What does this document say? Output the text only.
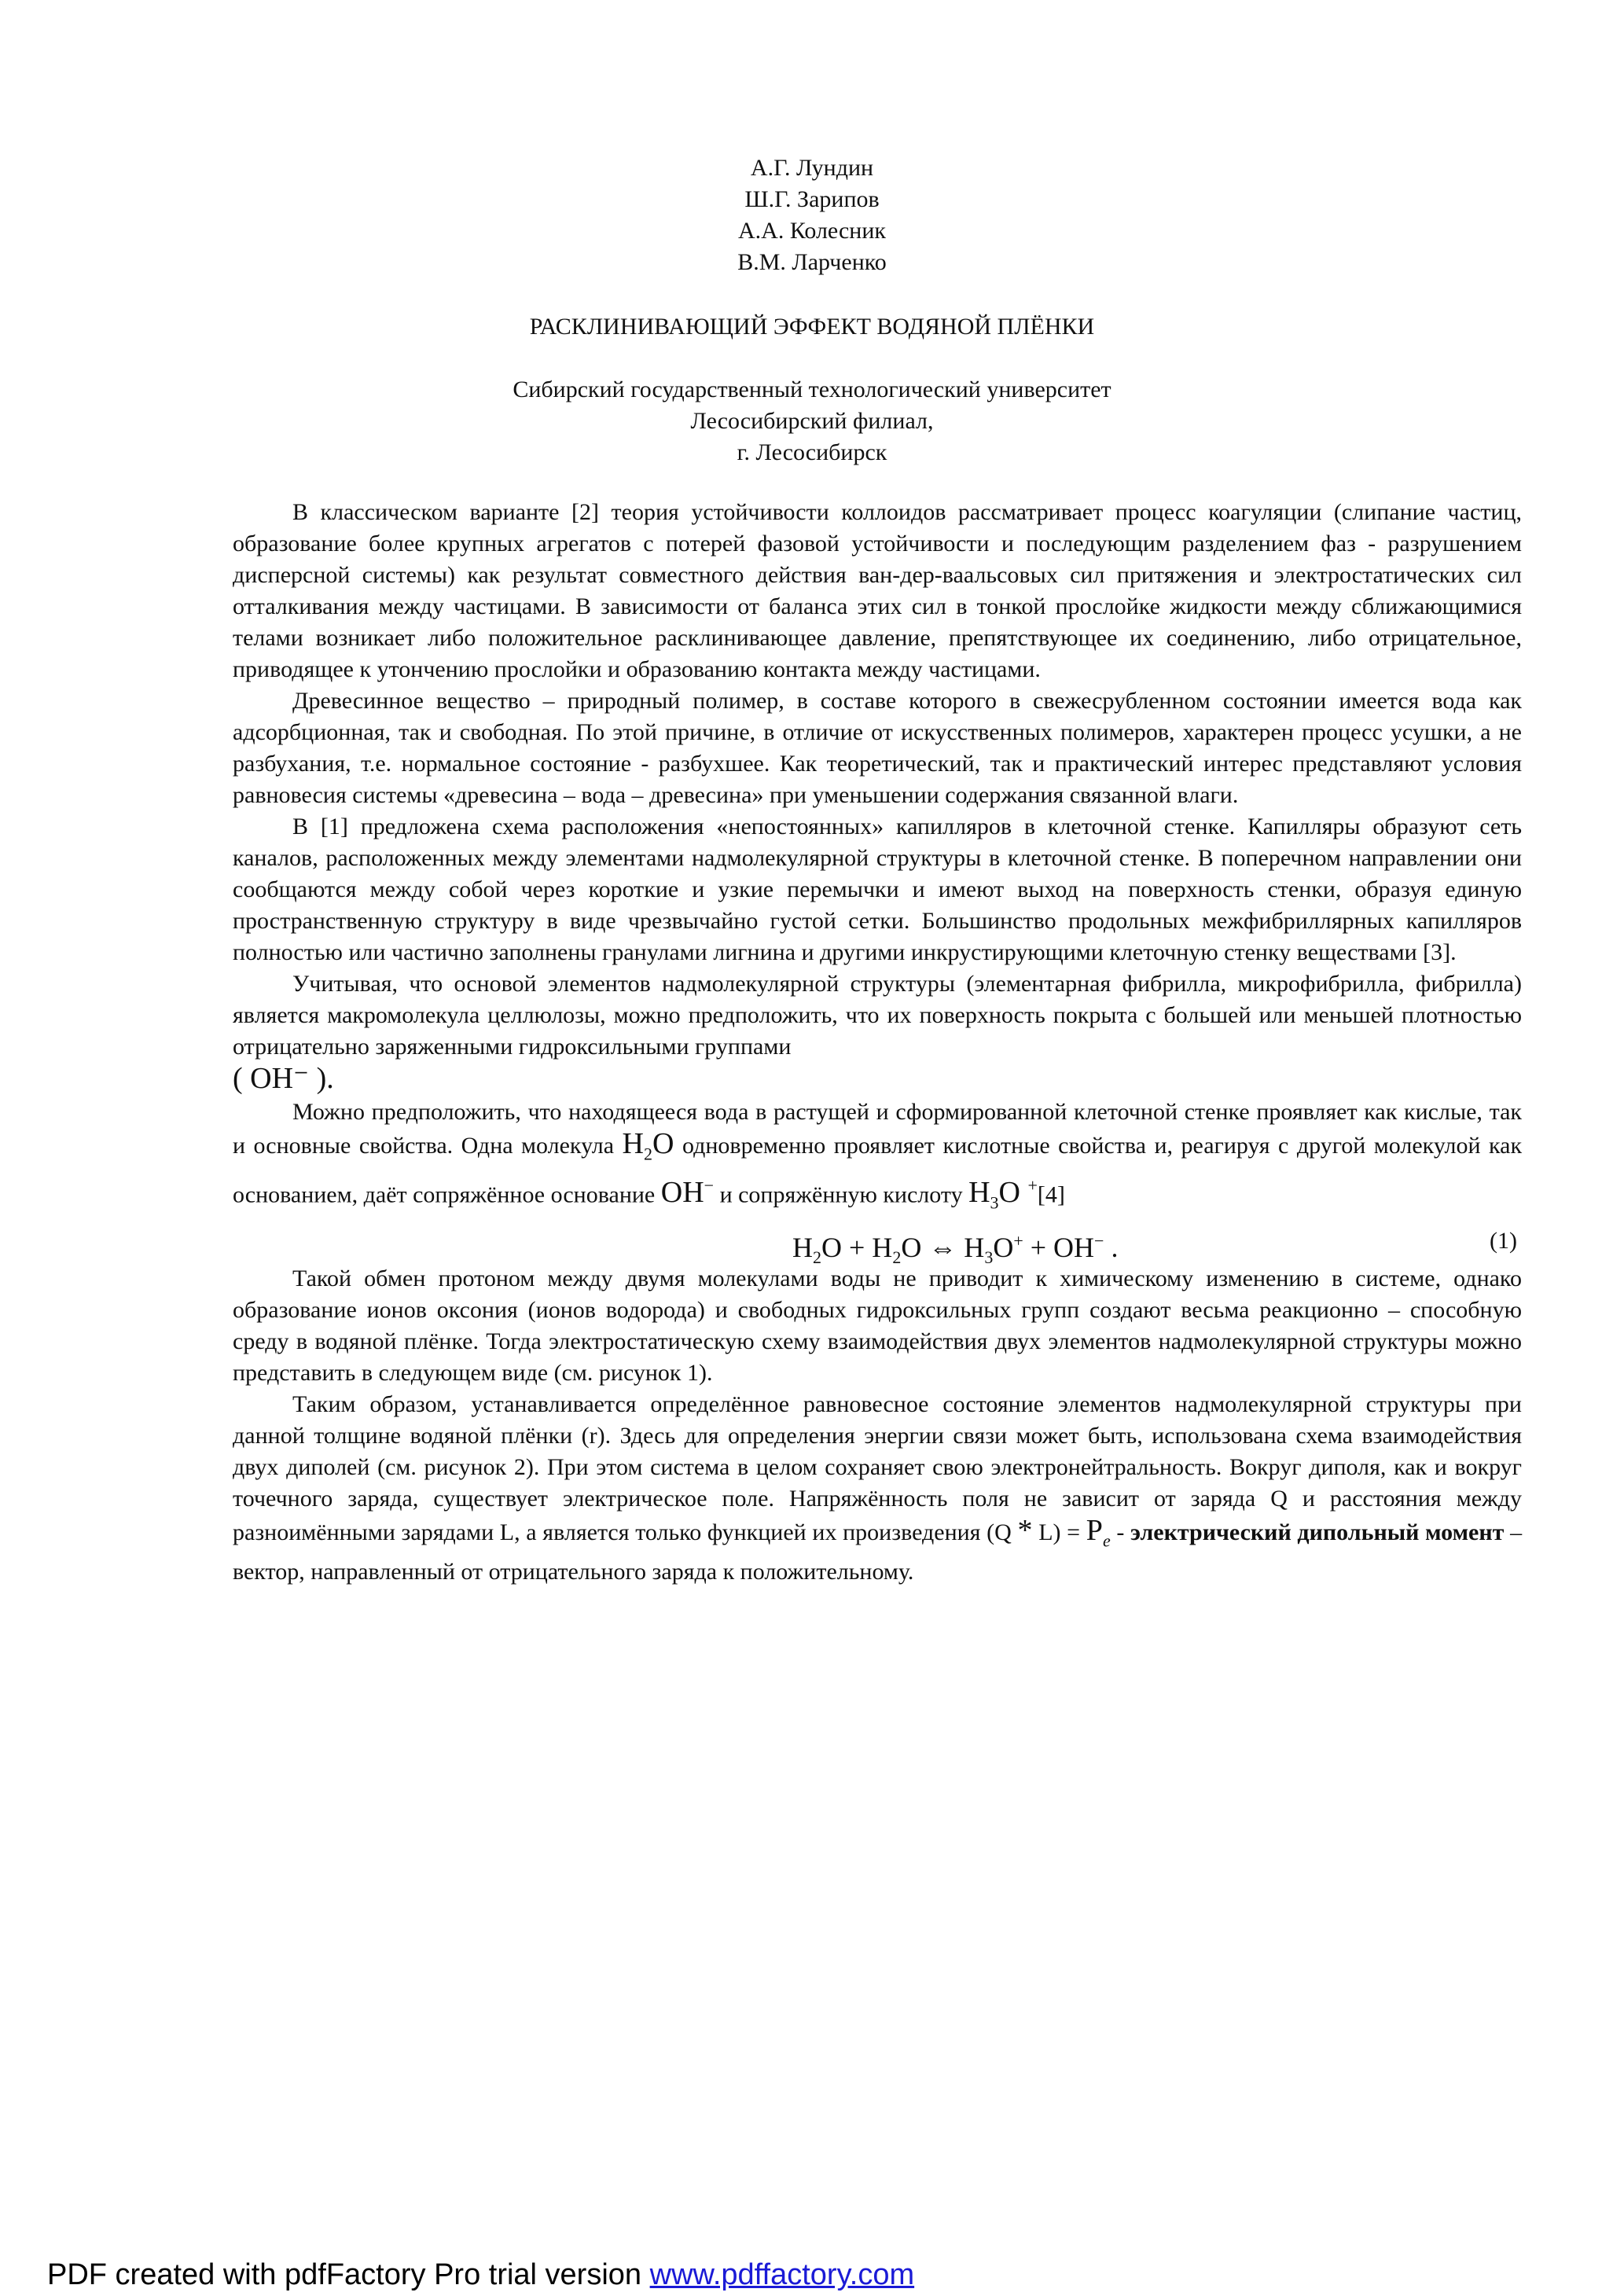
А.Г. Лундин
Ш.Г. Зарипов
А.А. Колесник
В.М. Ларченко
РАСКЛИНИВАЮЩИЙ ЭФФЕКТ ВОДЯНОЙ ПЛЁНКИ
Сибирский государственный технологический университет
Лесосибирский филиал,
г. Лесосибирск

В классическом варианте [2] теория устойчивости коллоидов рассматривает процесс коагуляции (слипание частиц, образование более крупных агрегатов с потерей фазовой устойчивости и последующим разделением фаз - разрушением дисперсной системы) как результат совместного действия ван-дер-ваальсовых сил притяжения и электростатических сил отталкивания между частицами. В зависимости от баланса этих сил в тонкой прослойке жидкости между сближающимися телами возникает либо положительное расклинивающее давление, препятствующее их соединению, либо отрицательное, приводящее к утончению прослойки и образованию контакта между частицами.

Древесинное вещество – природный полимер, в составе которого в свежесрубленном состоянии имеется вода как адсорбционная, так и свободная. По этой причине, в отличие от искусственных полимеров, характерен процесс усушки, а не разбухания, т.е. нормальное состояние - разбухшее. Как теоретический, так и практический интерес представляют условия равновесия системы «древесина – вода – древесина» при уменьшении содержания связанной влаги.

В [1] предложена схема расположения «непостоянных» капилляров в клеточной стенке. Капилляры образуют сеть каналов, расположенных между элементами надмолекулярной структуры в клеточной стенке. В поперечном направлении они сообщаются между собой через короткие и узкие перемычки и имеют выход на поверхность стенки, образуя единую пространственную структуру в виде чрезвычайно густой сетки. Большинство продольных межфибриллярных капилляров полностью или частично заполнены гранулами лигнина и другими инкрустирующими клеточную стенку веществами [3].

Учитывая, что основой элементов надмолекулярной структуры (элементарная фибрилла, микрофибрилла, фибрилла) является макромолекула целлюлозы, можно предположить, что их поверхность покрыта с большей или меньшей плотностью отрицательно заряженными гидроксильными группами
( OH⁻ ).

Можно предположить, что находящееся вода в растущей и сформированной клеточной стенке проявляет как кислые, так и основные свойства. Одна молекула $H_2O$ одновременно проявляет кислотные свойства и, реагируя с другой молекулой как основанием, даёт сопряжённое основание OH− и сопряжённую кислоту $H_3O$ +[4]

$H_2O + H_2O$ ⇔ $H_3O^+ + OH^-$ .	(1)

Такой обмен протоном между двумя молекулами воды не приводит к химическому изменению в системе, однако образование ионов оксония (ионов водорода) и свободных гидроксильных групп создают весьма реакционно – способную среду в водяной плёнке. Тогда электростатическую схему взаимодействия двух элементов надмолекулярной структуры можно представить в следующем виде (см. рисунок 1).

Таким образом, устанавливается определённое равновесное состояние элементов надмолекулярной структуры при данной толщине водяной плёнки (r). Здесь для определения энергии связи может быть, использована схема взаимодействия двух диполей (см. рисунок 2). При этом система в целом сохраняет свою электронейтральность. Вокруг диполя, как и вокруг точечного заряда, существует электрическое поле. Напряжённость поля не зависит от заряда Q и расстояния между разноимёнными зарядами L, а является только функцией их произведения $(Q * L) = P_e$ - электрический дипольный момент – вектор, направленный от отрицательного заряда к положительному.

PDF created with pdfFactory Pro trial version www.pdffactory.com
